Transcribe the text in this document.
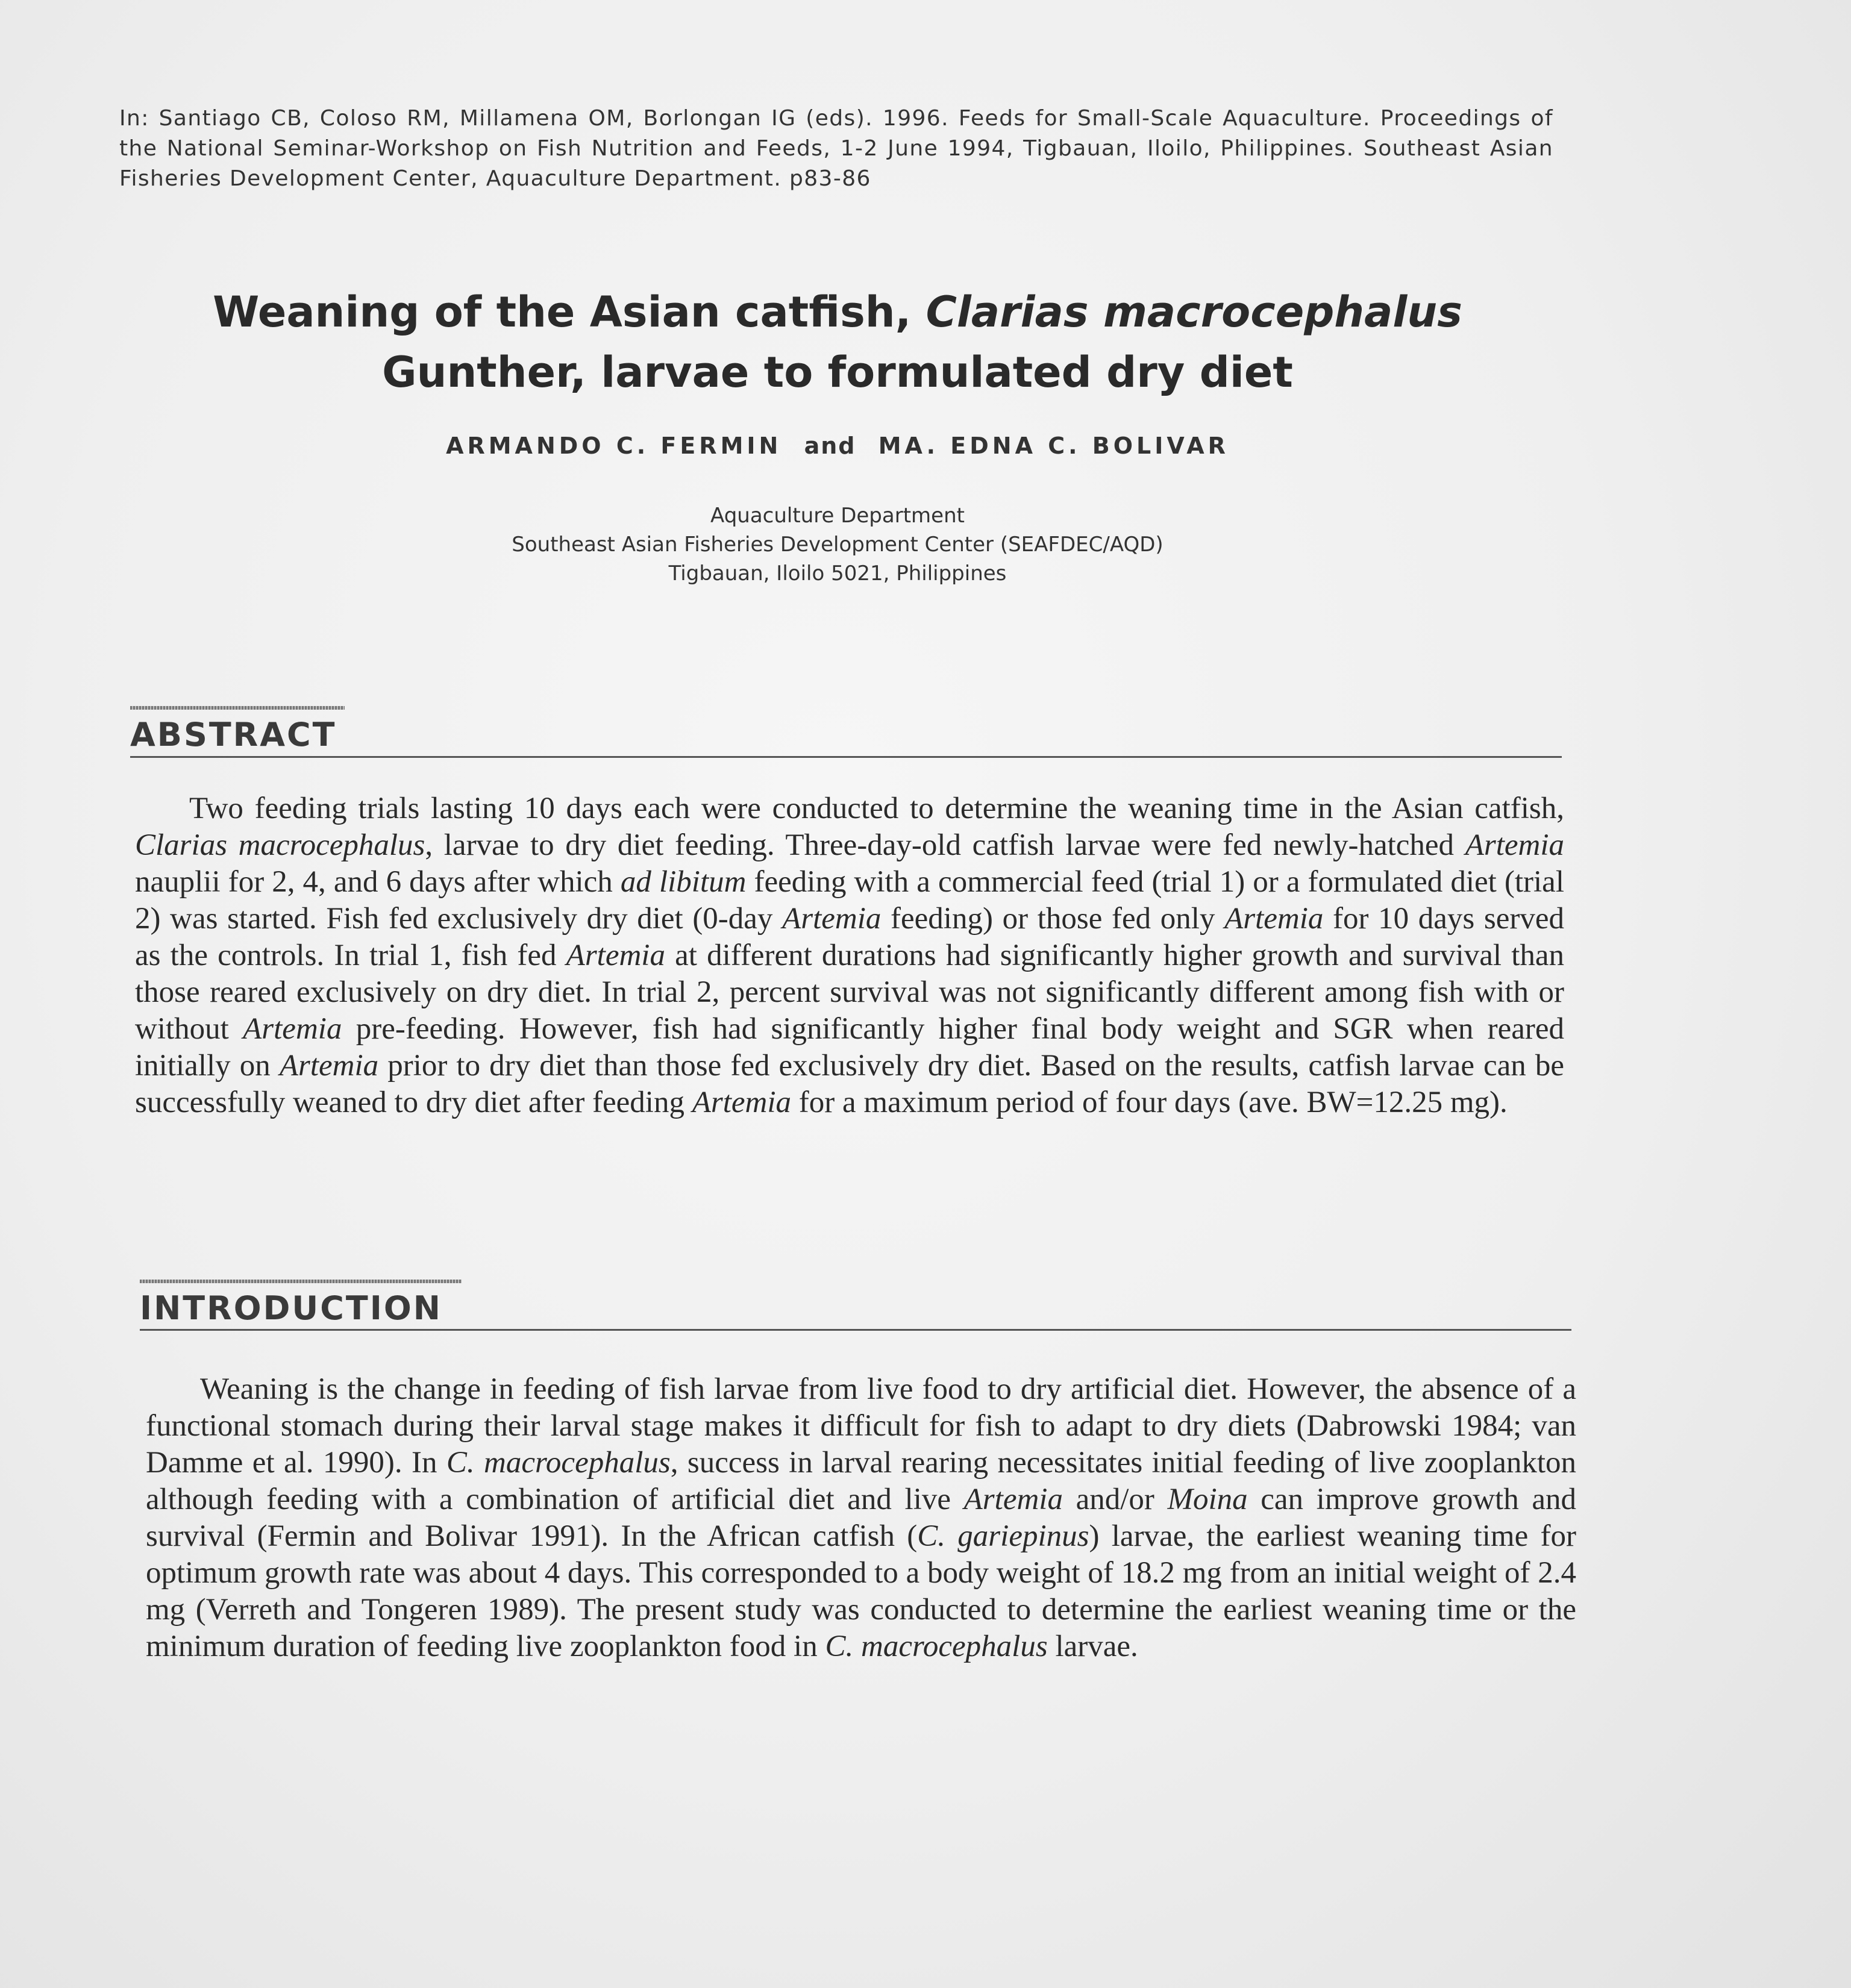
In: Santiago CB, Coloso RM, Millamena OM, Borlongan IG (eds). 1996. Feeds for Small-Scale Aquaculture. Proceedings of the National Seminar-Workshop on Fish Nutrition and Feeds, 1-2 June 1994, Tigbauan, Iloilo, Philippines. Southeast Asian Fisheries Development Center, Aquaculture Department. p83-86
Weaning of the Asian catfish, Clarias macrocephalus
Gunther, larvae to formulated dry diet
ARMANDO C. FERMIN and MA. EDNA C. BOLIVAR
Aquaculture Department
Southeast Asian Fisheries Development Center (SEAFDEC/AQD)
Tigbauan, Iloilo 5021, Philippines
ABSTRACT
Two feeding trials lasting 10 days each were conducted to determine the weaning time in the Asian catfish, Clarias macrocephalus, larvae to dry diet feeding. Three-day-old catfish larvae were fed newly-hatched Artemia nauplii for 2, 4, and 6 days after which ad libitum feeding with a commercial feed (trial 1) or a formulated diet (trial 2) was started. Fish fed exclusively dry diet (0-day Artemia feeding) or those fed only Artemia for 10 days served as the controls. In trial 1, fish fed Artemia at different durations had significantly higher growth and survival than those reared exclusively on dry diet. In trial 2, percent survival was not significantly different among fish with or without Artemia pre-feeding. However, fish had significantly higher final body weight and SGR when reared initially on Artemia prior to dry diet than those fed exclusively dry diet. Based on the results, catfish larvae can be successfully weaned to dry diet after feeding Artemia for a maximum period of four days (ave. BW=12.25 mg).
INTRODUCTION
Weaning is the change in feeding of fish larvae from live food to dry artificial diet. However, the absence of a functional stomach during their larval stage makes it difficult for fish to adapt to dry diets (Dabrowski 1984; van Damme et al. 1990). In C. macrocephalus, success in larval rearing necessitates initial feeding of live zooplankton although feeding with a combination of artificial diet and live Artemia and/or Moina can improve growth and survival (Fermin and Bolivar 1991). In the African catfish (C. gariepinus) larvae, the earliest weaning time for optimum growth rate was about 4 days. This corresponded to a body weight of 18.2 mg from an initial weight of 2.4 mg (Verreth and Tongeren 1989). The present study was conducted to determine the earliest weaning time or the minimum duration of feeding live zooplankton food in C. macrocephalus larvae.
